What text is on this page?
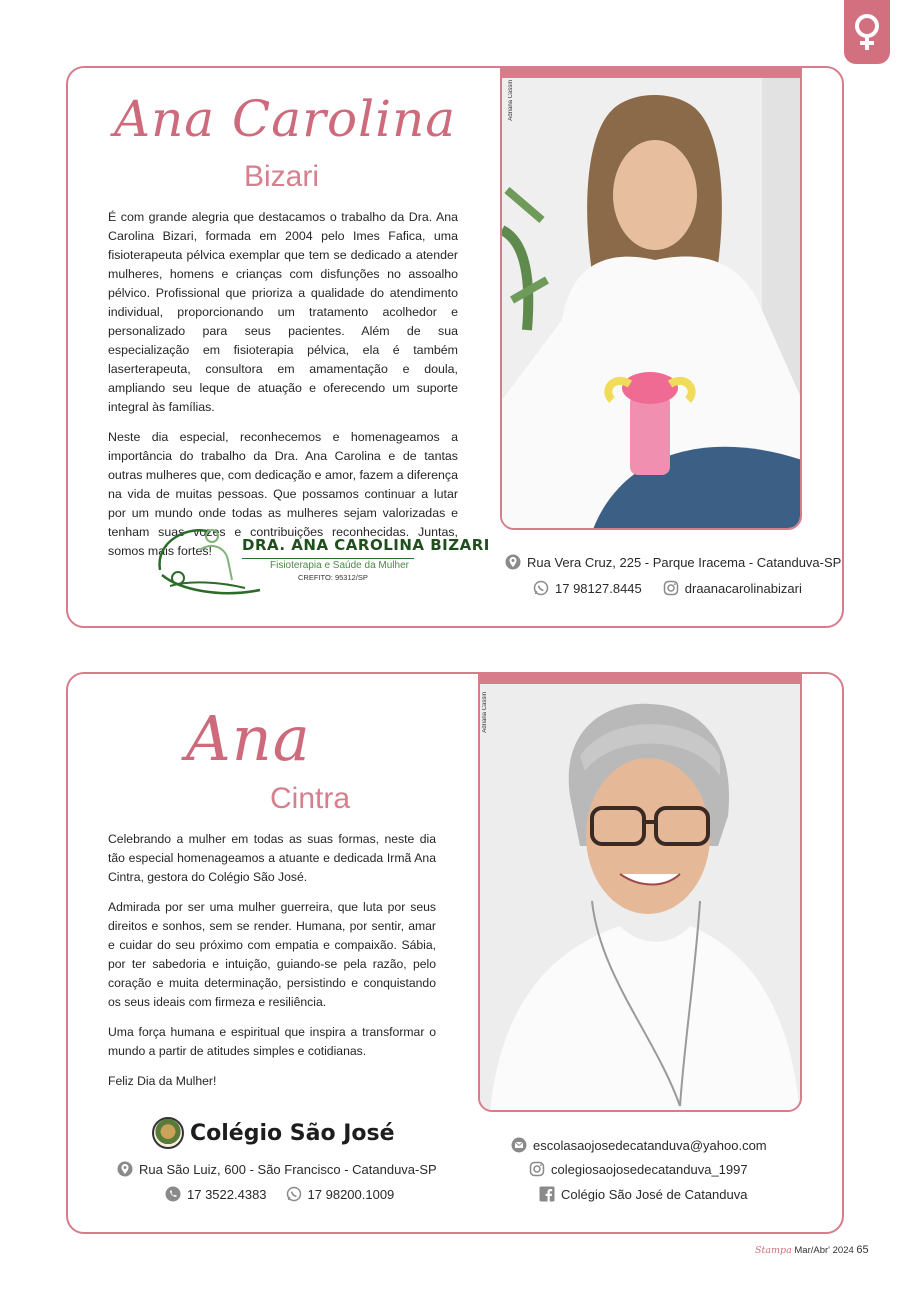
Ana Carolina
Bizari

É com grande alegria que destacamos o trabalho da Dra. Ana Carolina Bizari, formada em 2004 pelo Imes Fafica, uma fisioterapeuta pélvica exemplar que tem se dedicado a atender mulheres, homens e crianças com disfunções no assoalho pélvico. Profissional que prioriza a qualidade do atendimento individual, proporcionando um tratamento acolhedor e personalizado para seus pacientes. Além de sua especialização em fisioterapia pélvica, ela é também laserterapeuta, consultora em amamentação e doula, ampliando seu leque de atuação e oferecendo um suporte integral às famílias.

Neste dia especial, reconhecemos e homenageamos a importância do trabalho da Dra. Ana Carolina e de tantas outras mulheres que, com dedicação e amor, fazem a diferença na vida de muitas pessoas. Que possamos continuar a lutar por um mundo onde todas as mulheres sejam valorizadas e tenham suas vozes e contribuições reconhecidas. Juntas, somos mais fortes!	DRA. ANA CAROLINA BIZARI
Fisioterapia e Saúde da Mulher
CREFITO: 95312/SP
Adriana Cassin
Rua Vera Cruz, 225 - Parque Iracema - Catanduva-SP
17 98127.8445	draanacarolinabizari
Ana
Cintra

Celebrando a mulher em todas as suas formas, neste dia tão especial homenageamos a atuante e dedicada Irmã Ana Cintra, gestora do Colégio São José.

Admirada por ser uma mulher guerreira, que luta por seus direitos e sonhos, sem se render. Humana, por sentir, amar e cuidar do seu próximo com empatia e compaixão. Sábia, por ter sabedoria e intuição, guiando-se pela razão, pelo coração e muita determinação, persistindo e conquistando os seus ideais com firmeza e resiliência.

Uma força humana e espiritual que inspira a transformar o mundo a partir de atitudes simples e cotidianas.

Feliz Dia da Mulher!

Colégio São José
Rua São Luiz, 600 - São Francisco - Catanduva-SP
17 3522.4383	17 98200.1009
Adriana Cassin
escolasaojosedecatanduva@yahoo.com
colegiosaojosedecatanduva_1997
Colégio São José de Catanduva
Stampa Mar/Abr' 2024 65
